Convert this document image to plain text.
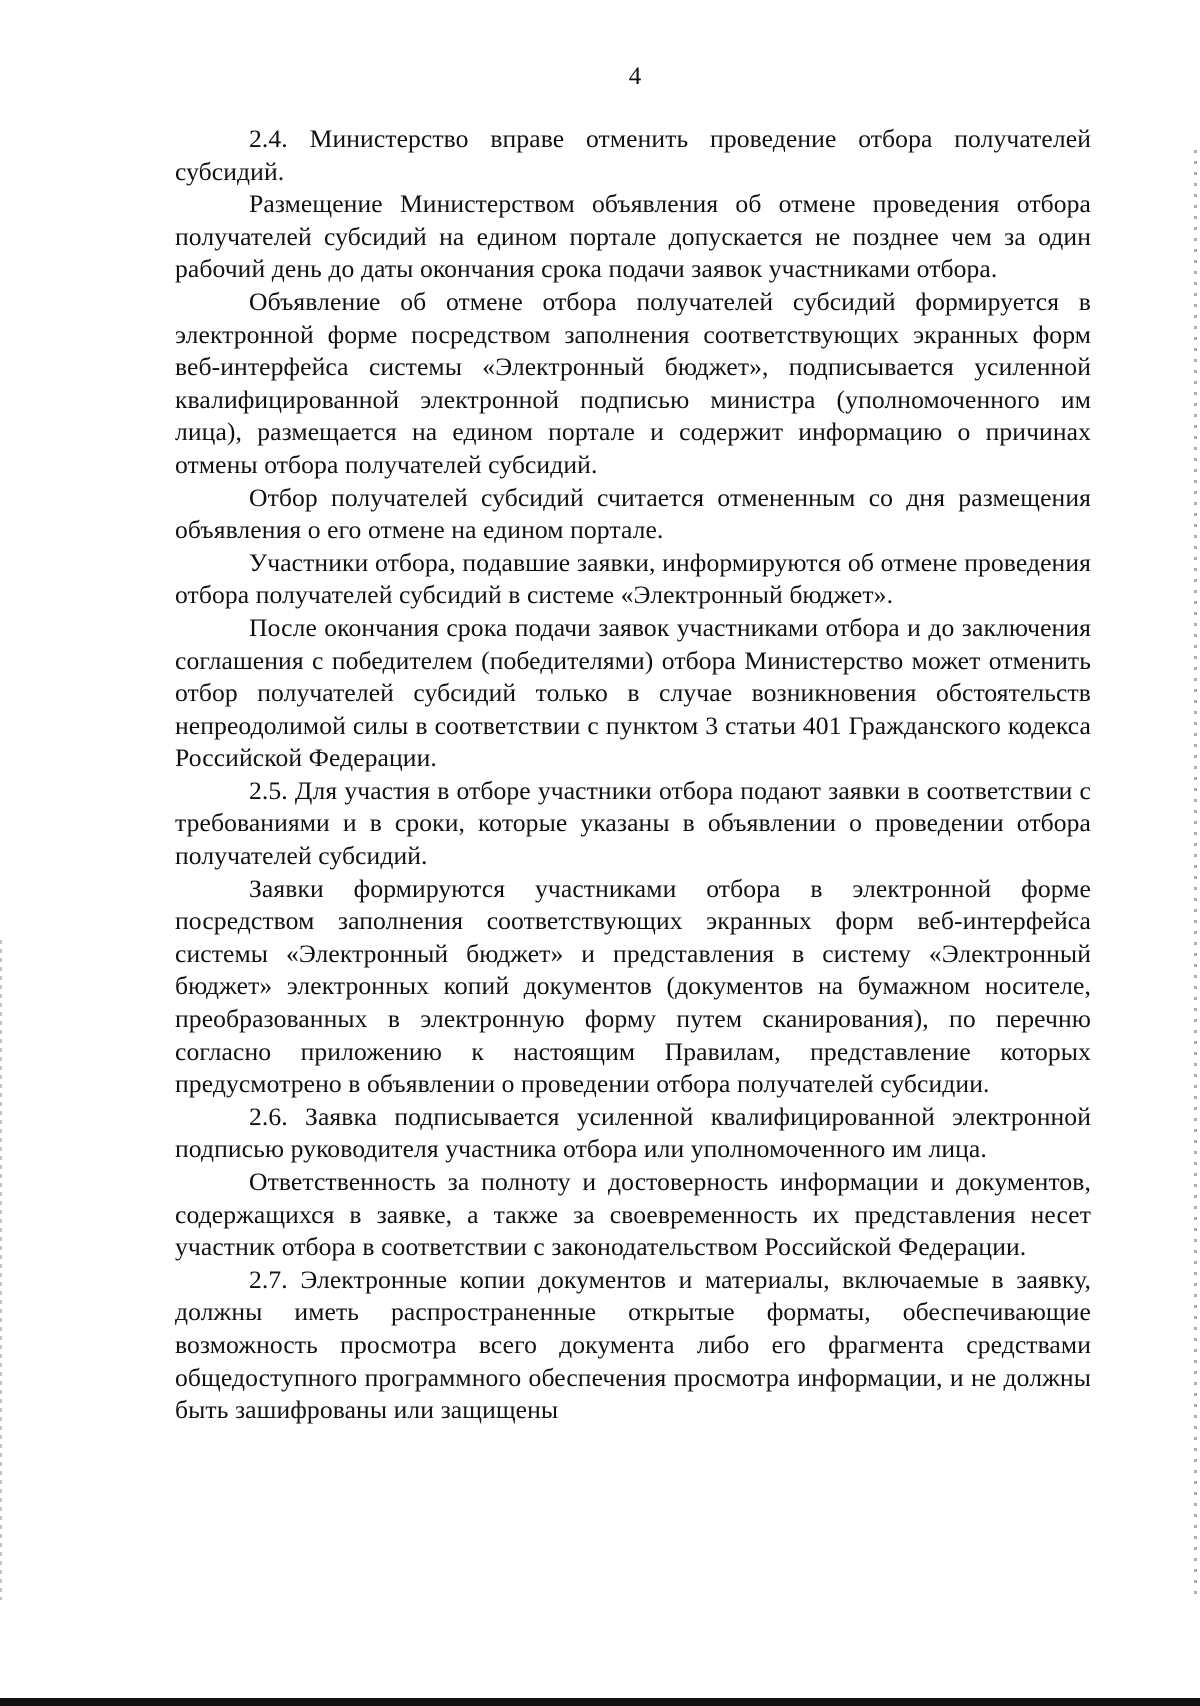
4

2.4. Министерство вправе отменить проведение отбора получателей субсидий.

Размещение Министерством объявления об отмене проведения отбора получателей субсидий на едином портале допускается не позднее чем за один рабочий день до даты окончания срока подачи заявок участниками отбора.

Объявление об отмене отбора получателей субсидий формируется в электронной форме посредством заполнения соответствующих экранных форм веб-интерфейса системы «Электронный бюджет», подписывается усиленной квалифицированной электронной подписью министра (уполномоченного им лица), размещается на едином портале и содержит информацию о причинах отмены отбора получателей субсидий.

Отбор получателей субсидий считается отмененным со дня размещения объявления о его отмене на едином портале.

Участники отбора, подавшие заявки, информируются об отмене проведения отбора получателей субсидий в системе «Электронный бюджет».

После окончания срока подачи заявок участниками отбора и до заключения соглашения с победителем (победителями) отбора Министерство может отменить отбор получателей субсидий только в случае возникновения обстоятельств непреодолимой силы в соответствии с пунктом 3 статьи 401 Гражданского кодекса Российской Федерации.

2.5. Для участия в отборе участники отбора подают заявки в соответствии с требованиями и в сроки, которые указаны в объявлении о проведении отбора получателей субсидий.

Заявки формируются участниками отбора в электронной форме посредством заполнения соответствующих экранных форм веб-интерфейса системы «Электронный бюджет» и представления в систему «Электронный бюджет» электронных копий документов (документов на бумажном носителе, преобразованных в электронную форму путем сканирования), по перечню согласно приложению к настоящим Правилам, представление которых предусмотрено в объявлении о проведении отбора получателей субсидии.

2.6. Заявка подписывается усиленной квалифицированной электронной подписью руководителя участника отбора или уполномоченного им лица.

Ответственность за полноту и достоверность информации и документов, содержащихся в заявке, а также за своевременность их представления несет участник отбора в соответствии с законодательством Российской Федерации.

2.7. Электронные копии документов и материалы, включаемые в заявку, должны иметь распространенные открытые форматы, обеспечивающие возможность просмотра всего документа либо его фрагмента средствами общедоступного программного обеспечения просмотра информации, и не должны быть зашифрованы или защищены
